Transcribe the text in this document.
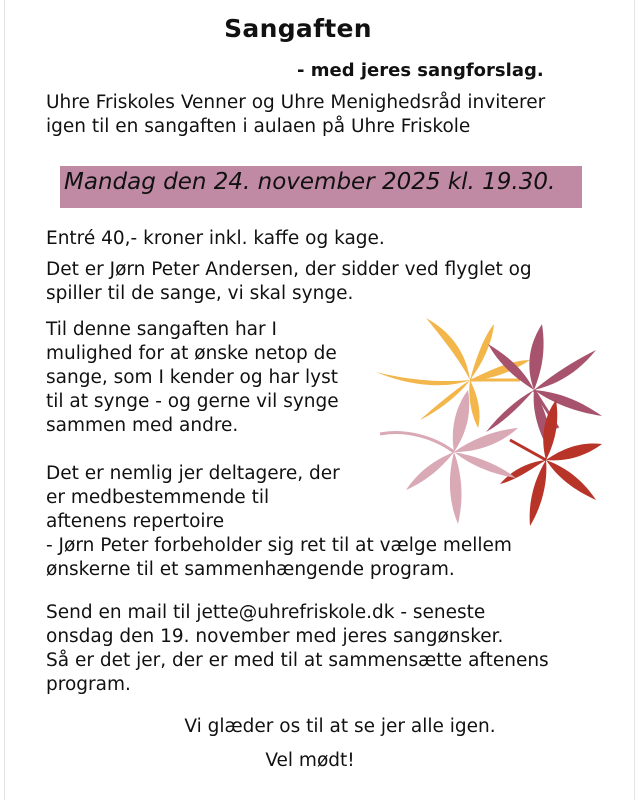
Sangaften
- med jeres sangforslag.
Uhre Friskoles Venner og Uhre Menighedsråd inviterer
igen til en sangaften i aulaen på Uhre Friskole
Mandag den 24. november 2025 kl. 19.30.
Entré 40,- kroner inkl. kaffe og kage.
Det er Jørn Peter Andersen, der sidder ved flyglet og
spiller til de sange, vi skal synge.
Til denne sangaften har I
mulighed for at ønske netop de
sange, som I kender og har lyst
til at synge - og gerne vil synge
sammen med andre.
Det er nemlig jer deltagere, der
er medbestemmende til
aftenens repertoire
- Jørn Peter forbeholder sig ret til at vælge mellem
ønskerne til et sammenhængende program.
Send en mail til jette@uhrefriskole.dk - seneste
onsdag den 19. november med jeres sangønsker.
Så er det jer, der er med til at sammensætte aftenens
program.
Vi glæder os til at se jer alle igen.
Vel mødt!
